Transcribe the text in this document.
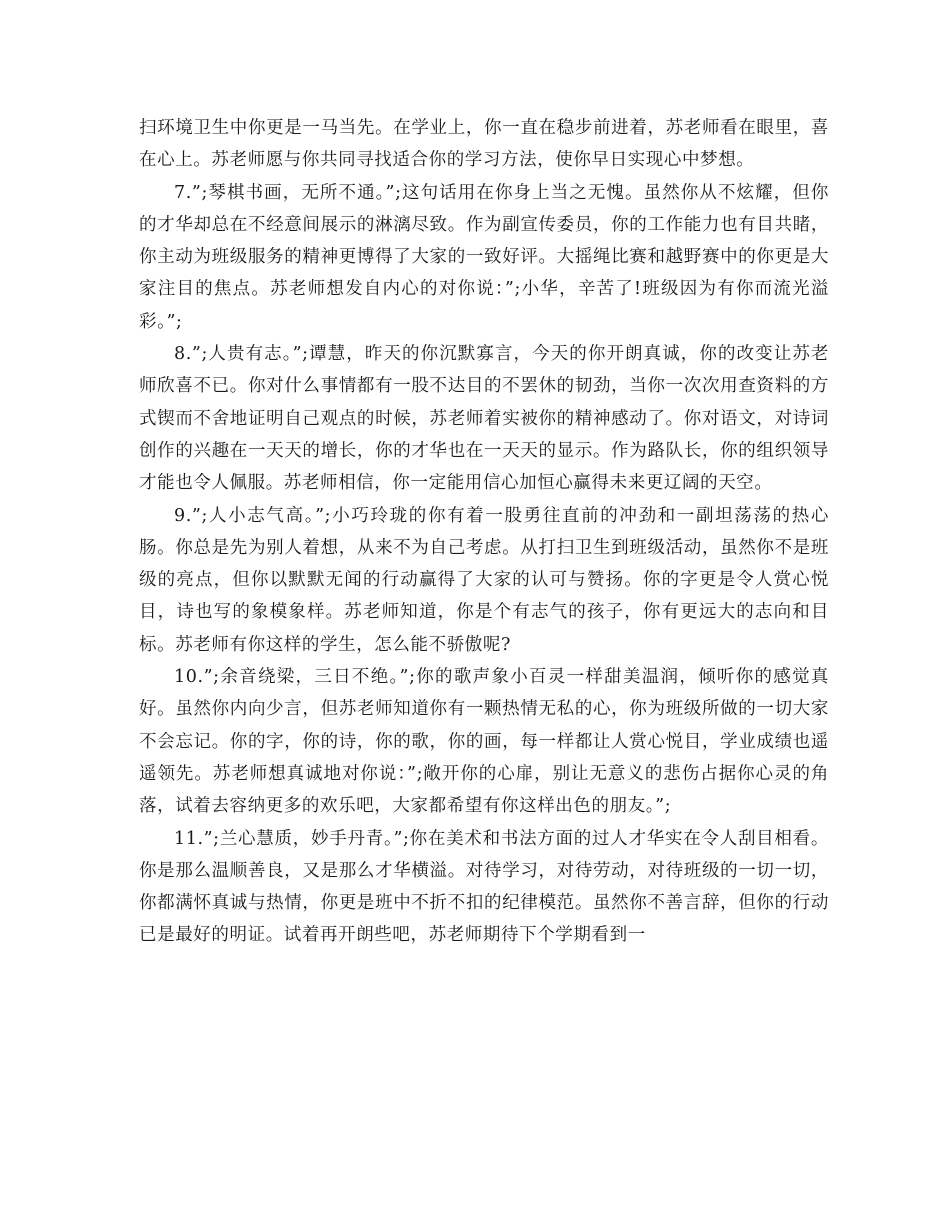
扫环境卫生中你更是一马当先。在学业上，你一直在稳步前进着，苏老师看在眼里，喜在心上。苏老师愿与你共同寻找适合你的学习方法，使你早日实现心中梦想。

7.”;琴棋书画，无所不通。”;这句话用在你身上当之无愧。虽然你从不炫耀，但你的才华却总在不经意间展示的淋漓尽致。作为副宣传委员，你的工作能力也有目共睹，你主动为班级服务的精神更博得了大家的一致好评。大摇绳比赛和越野赛中的你更是大家注目的焦点。苏老师想发自内心的对你说：”;小华，辛苦了!班级因为有你而流光溢彩。”;

8.”;人贵有志。”;谭慧，昨天的你沉默寡言，今天的你开朗真诚，你的改变让苏老师欣喜不已。你对什么事情都有一股不达目的不罢休的韧劲，当你一次次用查资料的方式锲而不舍地证明自己观点的时候，苏老师着实被你的精神感动了。你对语文，对诗词创作的兴趣在一天天的增长，你的才华也在一天天的显示。作为路队长，你的组织领导才能也令人佩服。苏老师相信，你一定能用信心加恒心赢得未来更辽阔的天空。

9.”;人小志气高。”;小巧玲珑的你有着一股勇往直前的冲劲和一副坦荡荡的热心肠。你总是先为别人着想，从来不为自己考虑。从打扫卫生到班级活动，虽然你不是班级的亮点，但你以默默无闻的行动赢得了大家的认可与赞扬。你的字更是令人赏心悦目，诗也写的象模象样。苏老师知道，你是个有志气的孩子，你有更远大的志向和目标。苏老师有你这样的学生，怎么能不骄傲呢?

10.”;余音绕梁，三日不绝。”;你的歌声象小百灵一样甜美温润，倾听你的感觉真好。虽然你内向少言，但苏老师知道你有一颗热情无私的心，你为班级所做的一切大家不会忘记。你的字，你的诗，你的歌，你的画，每一样都让人赏心悦目，学业成绩也遥遥领先。苏老师想真诚地对你说：”;敞开你的心扉，别让无意义的悲伤占据你心灵的角落，试着去容纳更多的欢乐吧，大家都希望有你这样出色的朋友。”;

11.”;兰心慧质，妙手丹青。”;你在美术和书法方面的过人才华实在令人刮目相看。你是那么温顺善良，又是那么才华横溢。对待学习，对待劳动，对待班级的一切一切，你都满怀真诚与热情，你更是班中不折不扣的纪律模范。虽然你不善言辞，但你的行动已是最好的明证。试着再开朗些吧，苏老师期待下个学期看到一
